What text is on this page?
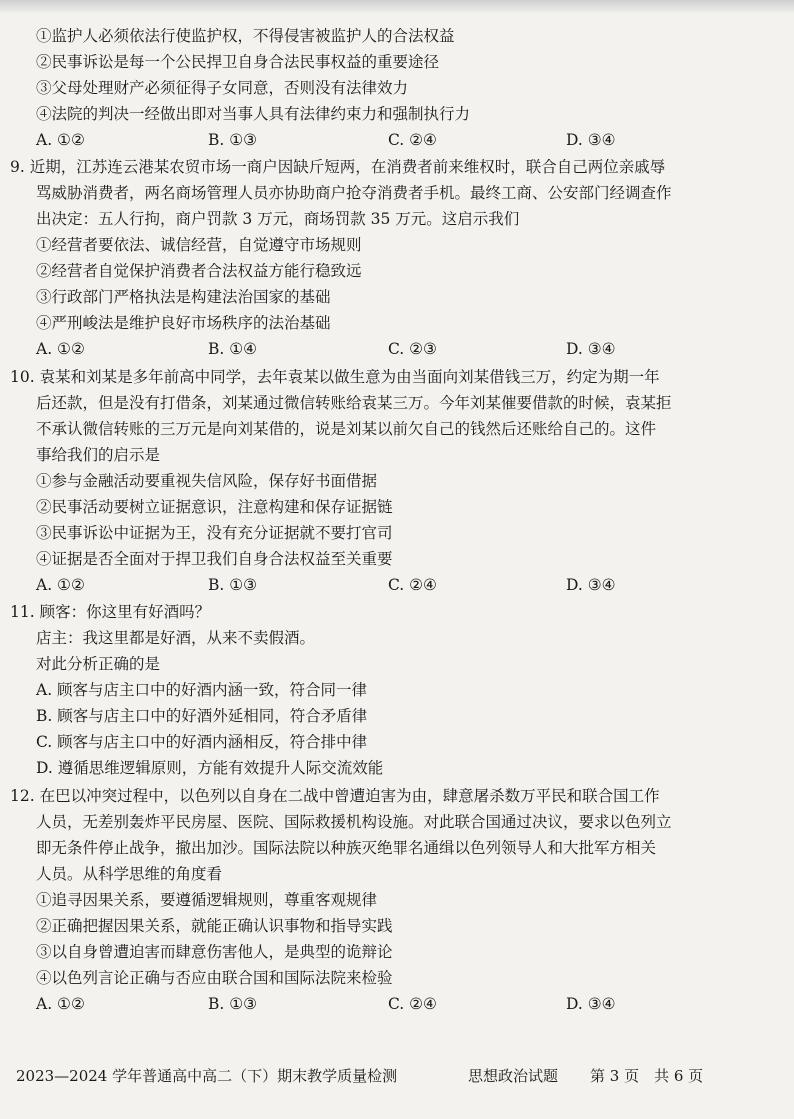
①监护人必须依法行使监护权，不得侵害被监护人的合法权益
②民事诉讼是每一个公民捍卫自身合法民事权益的重要途径
③父母处理财产必须征得子女同意，否则没有法律效力
④法院的判决一经做出即对当事人具有法律约束力和强制执行力
A. ①②	B. ①③	C. ②④	D. ③④
9. 近期，江苏连云港某农贸市场一商户因缺斤短两，在消费者前来维权时，联合自己两位亲戚辱
骂威胁消费者，两名商场管理人员亦协助商户抢夺消费者手机。最终工商、公安部门经调查作
出决定：五人行拘，商户罚款 3 万元，商场罚款 35 万元。这启示我们
①经营者要依法、诚信经营，自觉遵守市场规则
②经营者自觉保护消费者合法权益方能行稳致远
③行政部门严格执法是构建法治国家的基础
④严刑峻法是维护良好市场秩序的法治基础
A. ①②	B. ①④	C. ②③	D. ③④
10. 袁某和刘某是多年前高中同学，去年袁某以做生意为由当面向刘某借钱三万，约定为期一年
后还款，但是没有打借条，刘某通过微信转账给袁某三万。今年刘某催要借款的时候，袁某拒
不承认微信转账的三万元是向刘某借的，说是刘某以前欠自己的钱然后还账给自己的。这件
事给我们的启示是
①参与金融活动要重视失信风险，保存好书面借据
②民事活动要树立证据意识，注意构建和保存证据链
③民事诉讼中证据为王，没有充分证据就不要打官司
④证据是否全面对于捍卫我们自身合法权益至关重要
A. ①②	B. ①③	C. ②④	D. ③④
11. 顾客：你这里有好酒吗？
店主：我这里都是好酒，从来不卖假酒。
对此分析正确的是
A. 顾客与店主口中的好酒内涵一致，符合同一律
B. 顾客与店主口中的好酒外延相同，符合矛盾律
C. 顾客与店主口中的好酒内涵相反，符合排中律
D. 遵循思维逻辑原则，方能有效提升人际交流效能
12. 在巴以冲突过程中，以色列以自身在二战中曾遭迫害为由，肆意屠杀数万平民和联合国工作
人员，无差别轰炸平民房屋、医院、国际救援机构设施。对此联合国通过决议，要求以色列立
即无条件停止战争，撤出加沙。国际法院以种族灭绝罪名通缉以色列领导人和大批军方相关
人员。从科学思维的角度看
①追寻因果关系，要遵循逻辑规则，尊重客观规律
②正确把握因果关系，就能正确认识事物和指导实践
③以自身曾遭迫害而肆意伤害他人，是典型的诡辩论
④以色列言论正确与否应由联合国和国际法院来检验
A. ①②	B. ①③	C. ②④	D. ③④
2023—2024 学年普通高中高二（下）期末教学质量检测	思想政治试题 第 3 页　共 6 页
